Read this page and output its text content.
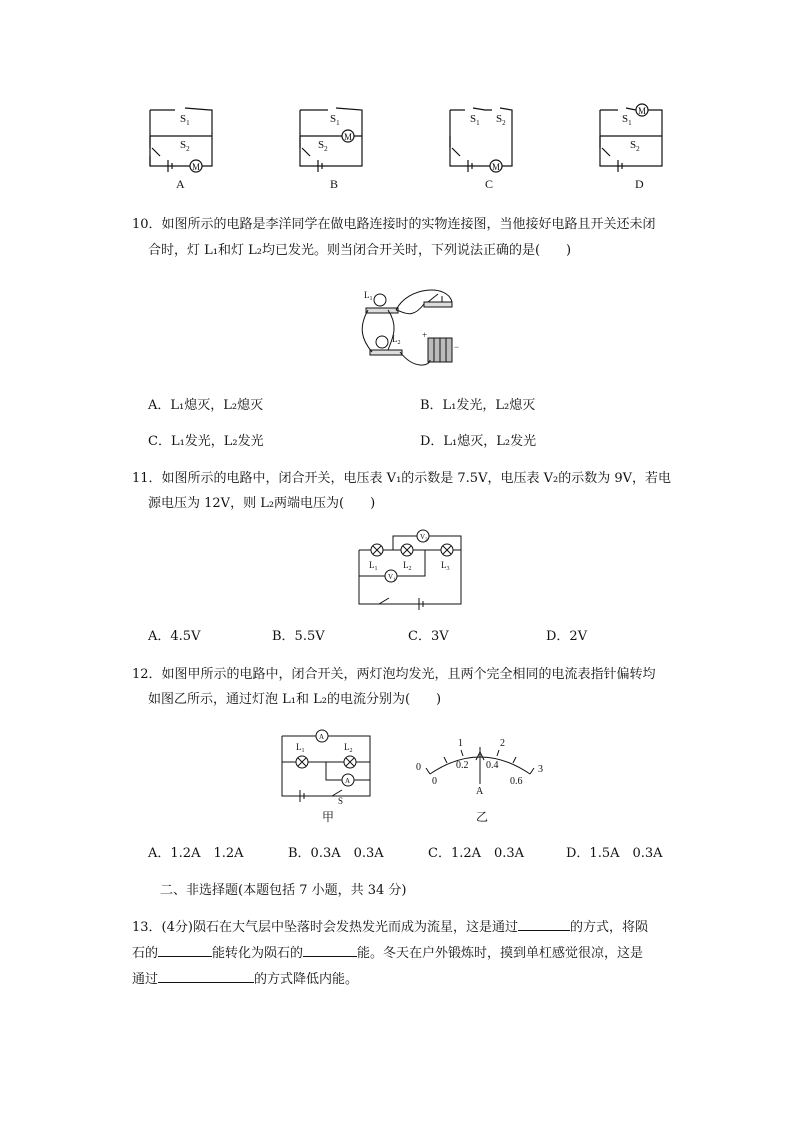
$S_1$
$S_2$
M
$S_1$
$S_2$
M
$S_1$ $S_2$
M
$S_1$
$S_2$
M
A	B	C	D
10．如图所示的电路是李洋同学在做电路连接时的实物连接图，当他接好电路且开关还未闭
合时，灯 L₁和灯 L₂均已发光。则当闭合开关时，下列说法正确的是(　　)
$L_1$
$L_2$
+
−
A．L₁熄灭，L₂熄灭	B．L₁发光，L₂熄灭
C．L₁发光，L₂发光	D．L₁熄灭，L₂发光
11．如图所示的电路中，闭合开关，电压表 V₁的示数是 7.5V，电压表 V₂的示数为 9V，若电
源电压为 12V，则 L₂两端电压为(　　)
$V_2$
$V_1$
$L_1$	$L_2$	$L_3$
A．4.5V	B．5.5V	C．3V	D．2V
12．如图甲所示的电路中，闭合开关，两灯泡均发光，且两个完全相同的电流表指针偏转均
如图乙所示，通过灯泡 L₁和 L₂的电流分别为(　　)
A
A
$L_1$	$L_2$
S
甲
0
1	2
3
0
0.2 0.4
0.6
A
乙
A．1.2A　1.2A	B．0.3A　0.3A	C．1.2A　0.3A	D．1.5A　0.3A
二、非选择题(本题包括 7 小题，共 34 分)
13．(4分)陨石在大气层中坠落时会发热发光而成为流星，这是通过	的方式，将陨
石的	能转化为陨石的	能。冬天在户外锻炼时，摸到单杠感觉很凉，这是
通过	的方式降低内能。
